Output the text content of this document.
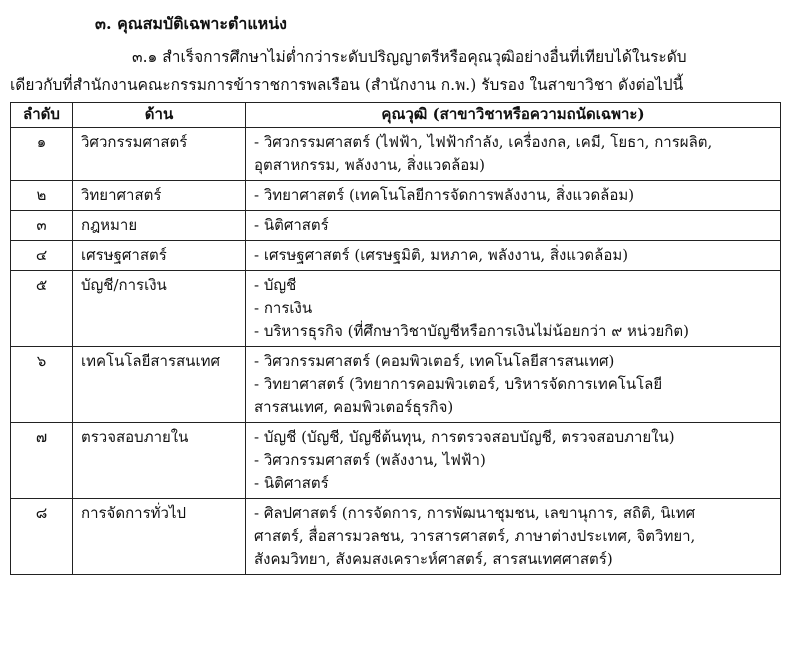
๓. คุณสมบัติเฉพาะตำแหน่ง
๓.๑ สำเร็จการศึกษาไม่ต่ำกว่าระดับปริญญาตรีหรือคุณวุฒิอย่างอื่นที่เทียบได้ในระดับ
เดียวกับที่สำนักงานคณะกรรมการข้าราชการพลเรือน (สำนักงาน ก.พ.) รับรอง ในสาขาวิชา ดังต่อไปนี้
ลำดับ	ด้าน	คุณวุฒิ (สาขาวิชาหรือความถนัดเฉพาะ)
๑	วิศวกรรมศาสตร์	- วิศวกรรมศาสตร์ (ไฟฟ้า, ไฟฟ้ากำลัง, เครื่องกล, เคมี, โยธา, การผลิต,
อุตสาหกรรม, พลังงาน, สิ่งแวดล้อม)

๒	วิทยาศาสตร์	- วิทยาศาสตร์ (เทคโนโลยีการจัดการพลังงาน, สิ่งแวดล้อม)

๓	กฎหมาย	- นิติศาสตร์

๔	เศรษฐศาสตร์	- เศรษฐศาสตร์ (เศรษฐมิติ, มหภาค, พลังงาน, สิ่งแวดล้อม)

๕	บัญชี/การเงิน	- บัญชี
- การเงิน
- บริหารธุรกิจ (ที่ศึกษาวิชาบัญชีหรือการเงินไม่น้อยกว่า ๙ หน่วยกิต)

๖	เทคโนโลยีสารสนเทศ	- วิศวกรรมศาสตร์ (คอมพิวเตอร์, เทคโนโลยีสารสนเทศ)
- วิทยาศาสตร์ (วิทยาการคอมพิวเตอร์, บริหารจัดการเทคโนโลยี
สารสนเทศ, คอมพิวเตอร์ธุรกิจ)

๗	ตรวจสอบภายใน	- บัญชี (บัญชี, บัญชีต้นทุน, การตรวจสอบบัญชี, ตรวจสอบภายใน)
- วิศวกรรมศาสตร์ (พลังงาน, ไฟฟ้า)
- นิติศาสตร์

๘	การจัดการทั่วไป	- ศิลปศาสตร์ (การจัดการ, การพัฒนาชุมชน, เลขานุการ, สถิติ, นิเทศ
ศาสตร์, สื่อสารมวลชน, วารสารศาสตร์, ภาษาต่างประเทศ, จิตวิทยา,
สังคมวิทยา, สังคมสงเคราะห์ศาสตร์, สารสนเทศศาสตร์)
